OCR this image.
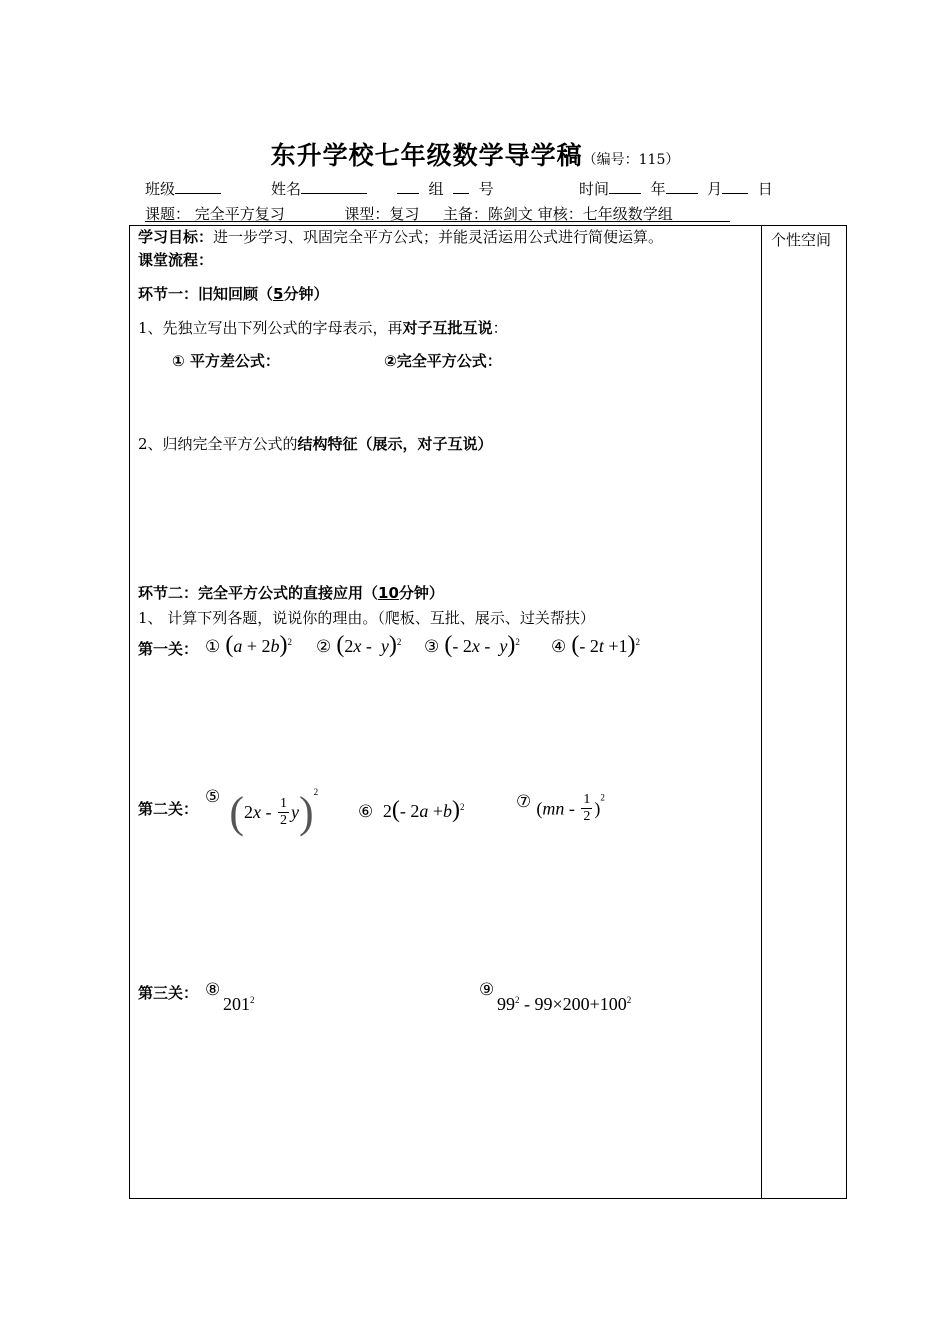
东升学校七年级数学导学稿（编号：115）
班级	姓名	组 号	时间	年	月 日
课题： 完全平方复习	课型：复习 主备：陈剑文 审核：七年级数学组
个性空间
学习目标：进一步学习、巩固完全平方公式；并能灵活运用公式进行简便运算。
课堂流程：
环节一：旧知回顾（5分钟）
1、先独立写出下列公式的字母表示，再对子互批互说：
① 平方差公式：	②完全平方公式：
2、归纳完全平方公式的结构特征（展示，对子互说）
环节二：完全平方公式的直接应用（10分钟）
1、 计算下列各题，说说你的理由。（爬板、互批、展示、过关帮扶）
第一关： ① $(a + 2b)^2$ ② (2x -  y)$^2$ ③ (- 2x -  y)$^2$ ④ (- 2t +1)$^2$
第二关：
⑤ $(2x - \frac{1}{2} y)^2$
⑥  2(- 2a +b)$^2$	⑦ $(mn - \frac{1}{2} )^2$
第三关： ⑧
$201^2$	⑨
$99^2 - 99\times 200+100^2$
